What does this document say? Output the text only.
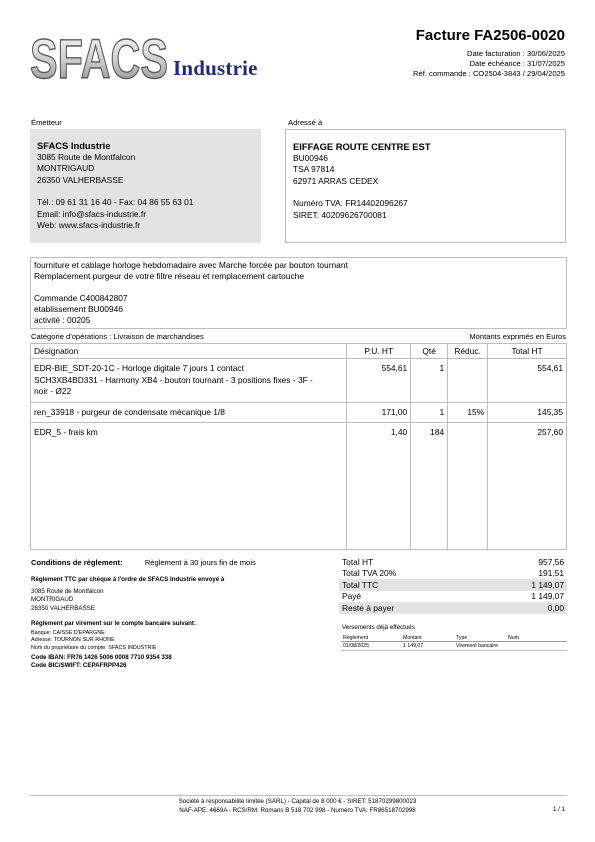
SFACS Industrie
Facture FA2506-0020
Date facturation : 30/06/2025
Date échéance : 31/07/2025
Réf. commande : CO2504-3843 / 29/04/2025
Émetteur	Adressé à
SFACS Industrie
3085 Route de Montfalcon
MONTRIGAUD
26350 VALHERBASSE
Tél.: 09 61 31 16 40 - Fax: 04 86 55 63 01
Email: info@sfacs-industrie.fr
Web: www.sfacs-industrie.fr
EIFFAGE ROUTE CENTRE EST
BU00946
TSA 97814
62971 ARRAS CEDEX
Numéro TVA: FR14402096267
SIRET: 40209626700081
fourniture et cablage horloge hebdomadaire avec Marche forcée par bouton tournant
Remplacement purgeur de votre filtre réseau et remplacement cartouche
Commande C400842807
etablissement BU00946
activité : 00205
Catégorie d'opérations : Livraison de marchandises	Montants exprimés en Euros
Désignation	P.U. HT	Qté	Réduc.	Total HT

EDR-BIE_SDT-20-1C - Horloge digitale 7 jours 1 contact
SCH3XB4BD331 - Harmony XB4 - bouton tournant - 3 positions fixes - 3F -
noir - Ø22	554,61	1		554,61
ren_33918 - purgeur de condensate mécanique 1/8	171,00	1	15%	145,35
EDR_5 - frais km	1,40	184		257,60

Conditions de règlement:	Règlement à 30 jours fin de mois
Règlement TTC par chèque à l'ordre de SFACS Industrie envoyé à
3085 Route de Montfalcon
MONTRIGAUD
26350 VALHERBASSE
Règlement par virement sur le compte bancaire suivant:
Banque: CAISSE D'EPARGNE
Adresse: TOURNON SUR RHONE
Nom du propriétaire du compte: SFACS INDUSTRIE
Code IBAN: FR76 1426 5006 0008 7710 9354 338
Code BIC/SWIFT: CEPAFRPP426
Total HT	957,56
Total TVA 20%	191,51
Total TTC	1 149,07
Payé	1 149,07
Reste à payer	0,00
Versements déjà effectués
Règlement	Montant	Type	Num
01/08/2025	1 149,07	Virement bancaire	
Société à responsabilité limitée (SARL) - Capital de 8 000 € - SIRET: 51870299800023
NAF-APE: 4669A - RCS/RM: Romans B 518 702 998 - Numéro TVA: FR86518702998	1 / 1
